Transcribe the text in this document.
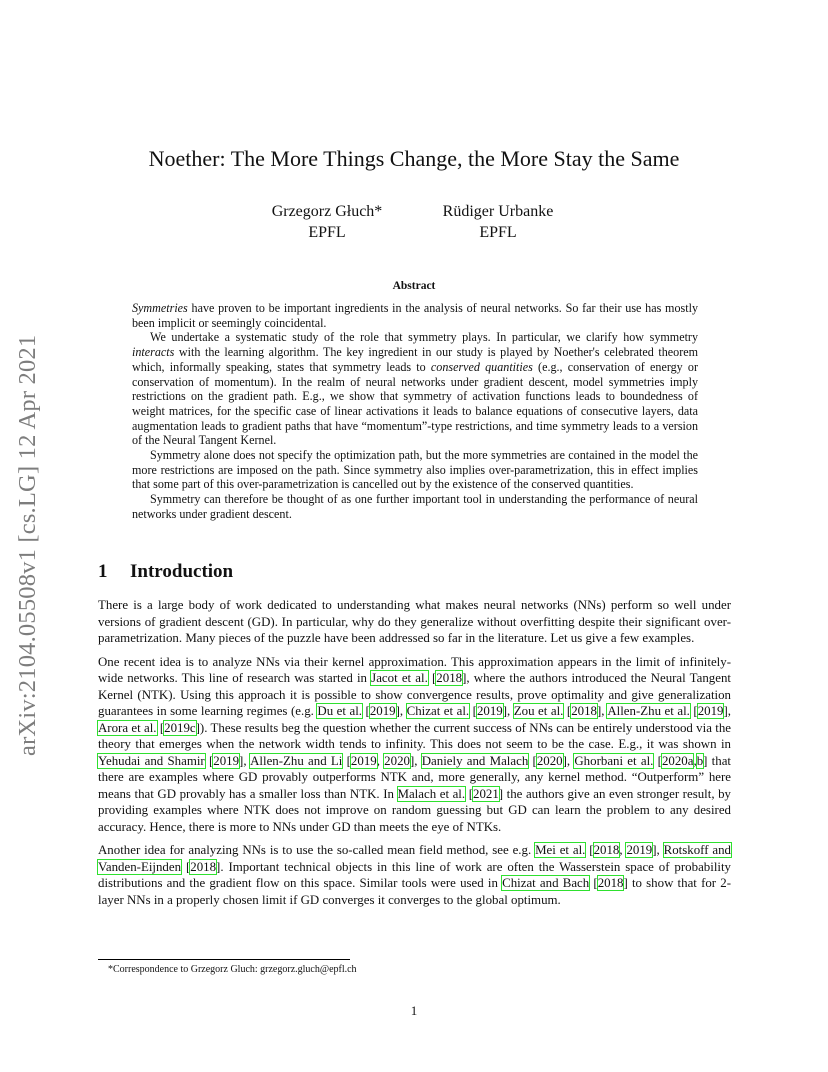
arXiv:2104.05508v1 [cs.LG] 12 Apr 2021
Noether: The More Things Change, the More Stay the Same
Grzegorz Głuch*
EPFL
Rüdiger Urbanke
EPFL
Abstract

Symmetries have proven to be important ingredients in the analysis of neural networks. So far their use has mostly been implicit or seemingly coincidental.

We undertake a systematic study of the role that symmetry plays. In particular, we clarify how symmetry interacts with the learning algorithm. The key ingredient in our study is played by Noether's celebrated theorem which, informally speaking, states that symmetry leads to conserved quantities (e.g., conservation of energy or conservation of momentum). In the realm of neural networks under gradient descent, model symmetries imply restrictions on the gradient path. E.g., we show that symmetry of activation functions leads to boundedness of weight matrices, for the specific case of linear activations it leads to balance equations of consecutive layers, data augmentation leads to gradient paths that have “momentum”-type restrictions, and time symmetry leads to a version of the Neural Tangent Kernel.

Symmetry alone does not specify the optimization path, but the more symmetries are contained in the model the more restrictions are imposed on the path. Since symmetry also implies over-parametrization, this in effect implies that some part of this over-parametrization is cancelled out by the existence of the conserved quantities.

Symmetry can therefore be thought of as one further important tool in understanding the performance of neural networks under gradient descent.

1 Introduction

There is a large body of work dedicated to understanding what makes neural networks (NNs) perform so well under versions of gradient descent (GD). In particular, why do they generalize without overfitting despite their significant over-parametrization. Many pieces of the puzzle have been addressed so far in the literature. Let us give a few examples.

One recent idea is to analyze NNs via their kernel approximation. This approximation appears in the limit of infinitely-wide networks. This line of research was started in Jacot et al. [2018], where the authors introduced the Neural Tangent Kernel (NTK). Using this approach it is possible to show convergence results, prove optimality and give generalization guarantees in some learning regimes (e.g. Du et al. [2019], Chizat et al. [2019], Zou et al. [2018], Allen-Zhu et al. [2019], Arora et al. [2019c]). These results beg the question whether the current success of NNs can be entirely understood via the theory that emerges when the network width tends to infinity. This does not seem to be the case. E.g., it was shown in Yehudai and Shamir [2019], Allen-Zhu and Li [2019, 2020], Daniely and Malach [2020], Ghorbani et al. [2020a,b] that there are examples where GD provably outperforms NTK and, more generally, any kernel method. “Outperform” here means that GD provably has a smaller loss than NTK. In Malach et al. [2021] the authors give an even stronger result, by providing examples where NTK does not improve on random guessing but GD can learn the problem to any desired accuracy. Hence, there is more to NNs under GD than meets the eye of NTKs.

Another idea for analyzing NNs is to use the so-called mean field method, see e.g. Mei et al. [2018, 2019], Rotskoff and Vanden-Eijnden [2018]. Important technical objects in this line of work are often the Wasserstein space of probability distributions and the gradient flow on this space. Similar tools were used in Chizat and Bach [2018] to show that for 2-layer NNs in a properly chosen limit if GD converges it converges to the global optimum.

*Correspondence to Grzegorz Gluch: grzegorz.gluch@epfl.ch
1
